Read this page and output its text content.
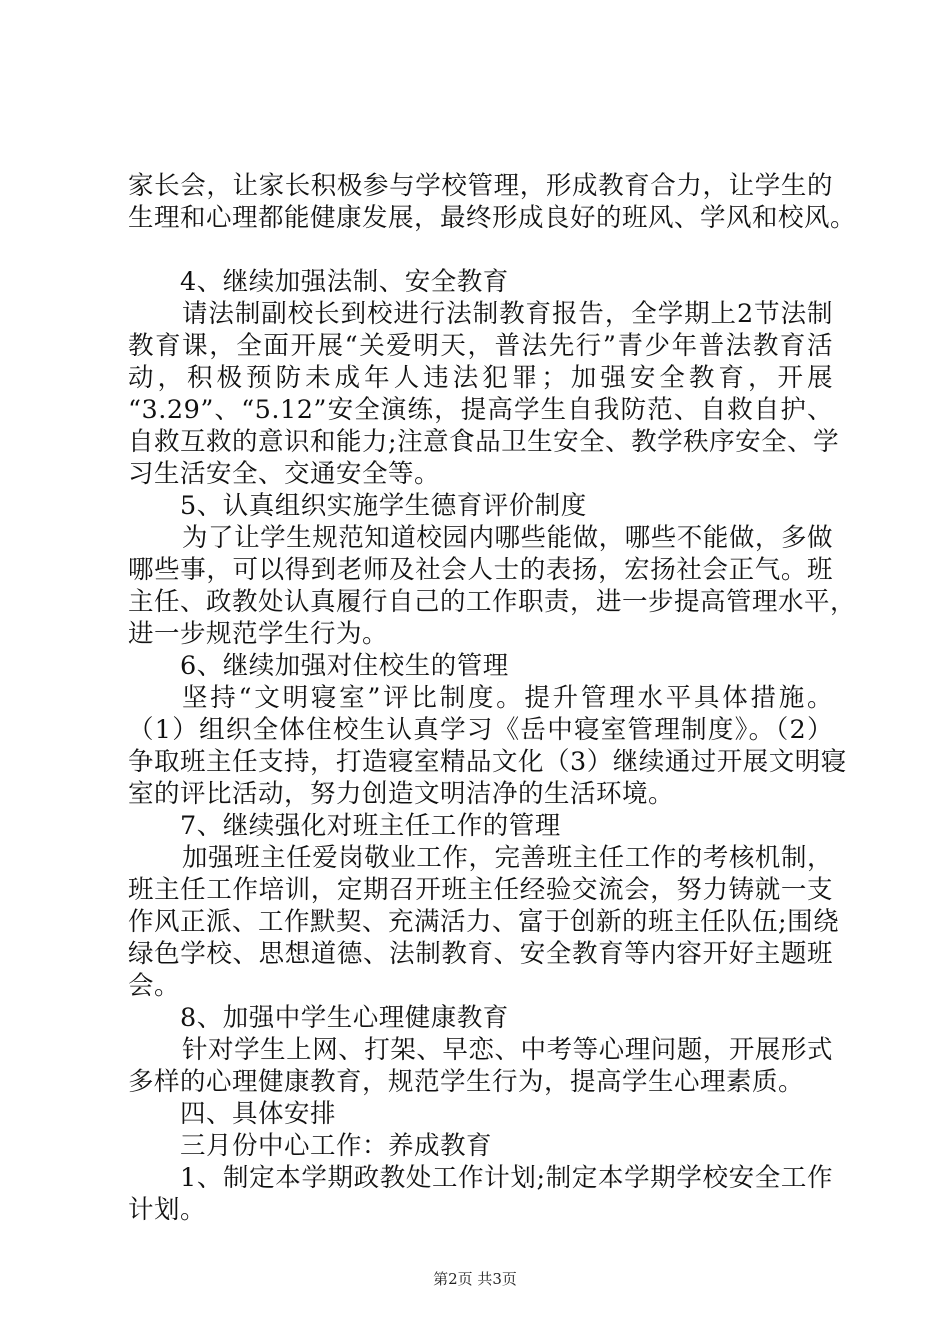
家长会，让家长积极参与学校管理，形成教育合力，让学生的
生理和心理都能健康发展，最终形成良好的班风、学风和校风。
4、继续加强法制、安全教育
请法制副校长到校进行法制教育报告，全学期上2节法制
教育课，全面开展“关爱明天，普法先行”青少年普法教育活
动，积极预防未成年人违法犯罪；加强安全教育，开展
“3.29”、“5.12”安全演练，提高学生自我防范、自救自护、
自救互救的意识和能力;注意食品卫生安全、教学秩序安全、学
习生活安全、交通安全等。
5、认真组织实施学生德育评价制度
为了让学生规范知道校园内哪些能做，哪些不能做，多做
哪些事，可以得到老师及社会人士的表扬，宏扬社会正气。班
主任、政教处认真履行自己的工作职责，进一步提高管理水平，
进一步规范学生行为。
6、继续加强对住校生的管理
坚持“文明寝室”评比制度。提升管理水平具体措施。
（1）组织全体住校生认真学习《岳中寝室管理制度》。（2）
争取班主任支持，打造寝室精品文化（3）继续通过开展文明寝
室的评比活动，努力创造文明洁净的生活环境。
7、继续强化对班主任工作的管理
加强班主任爱岗敬业工作，完善班主任工作的考核机制，
班主任工作培训，定期召开班主任经验交流会，努力铸就一支
作风正派、工作默契、充满活力、富于创新的班主任队伍;围绕
绿色学校、思想道德、法制教育、安全教育等内容开好主题班
会。
8、加强中学生心理健康教育
针对学生上网、打架、早恋、中考等心理问题，开展形式
多样的心理健康教育，规范学生行为，提高学生心理素质。
四、具体安排
三月份中心工作：养成教育
1、制定本学期政教处工作计划;制定本学期学校安全工作
计划。
第2页 共3页
